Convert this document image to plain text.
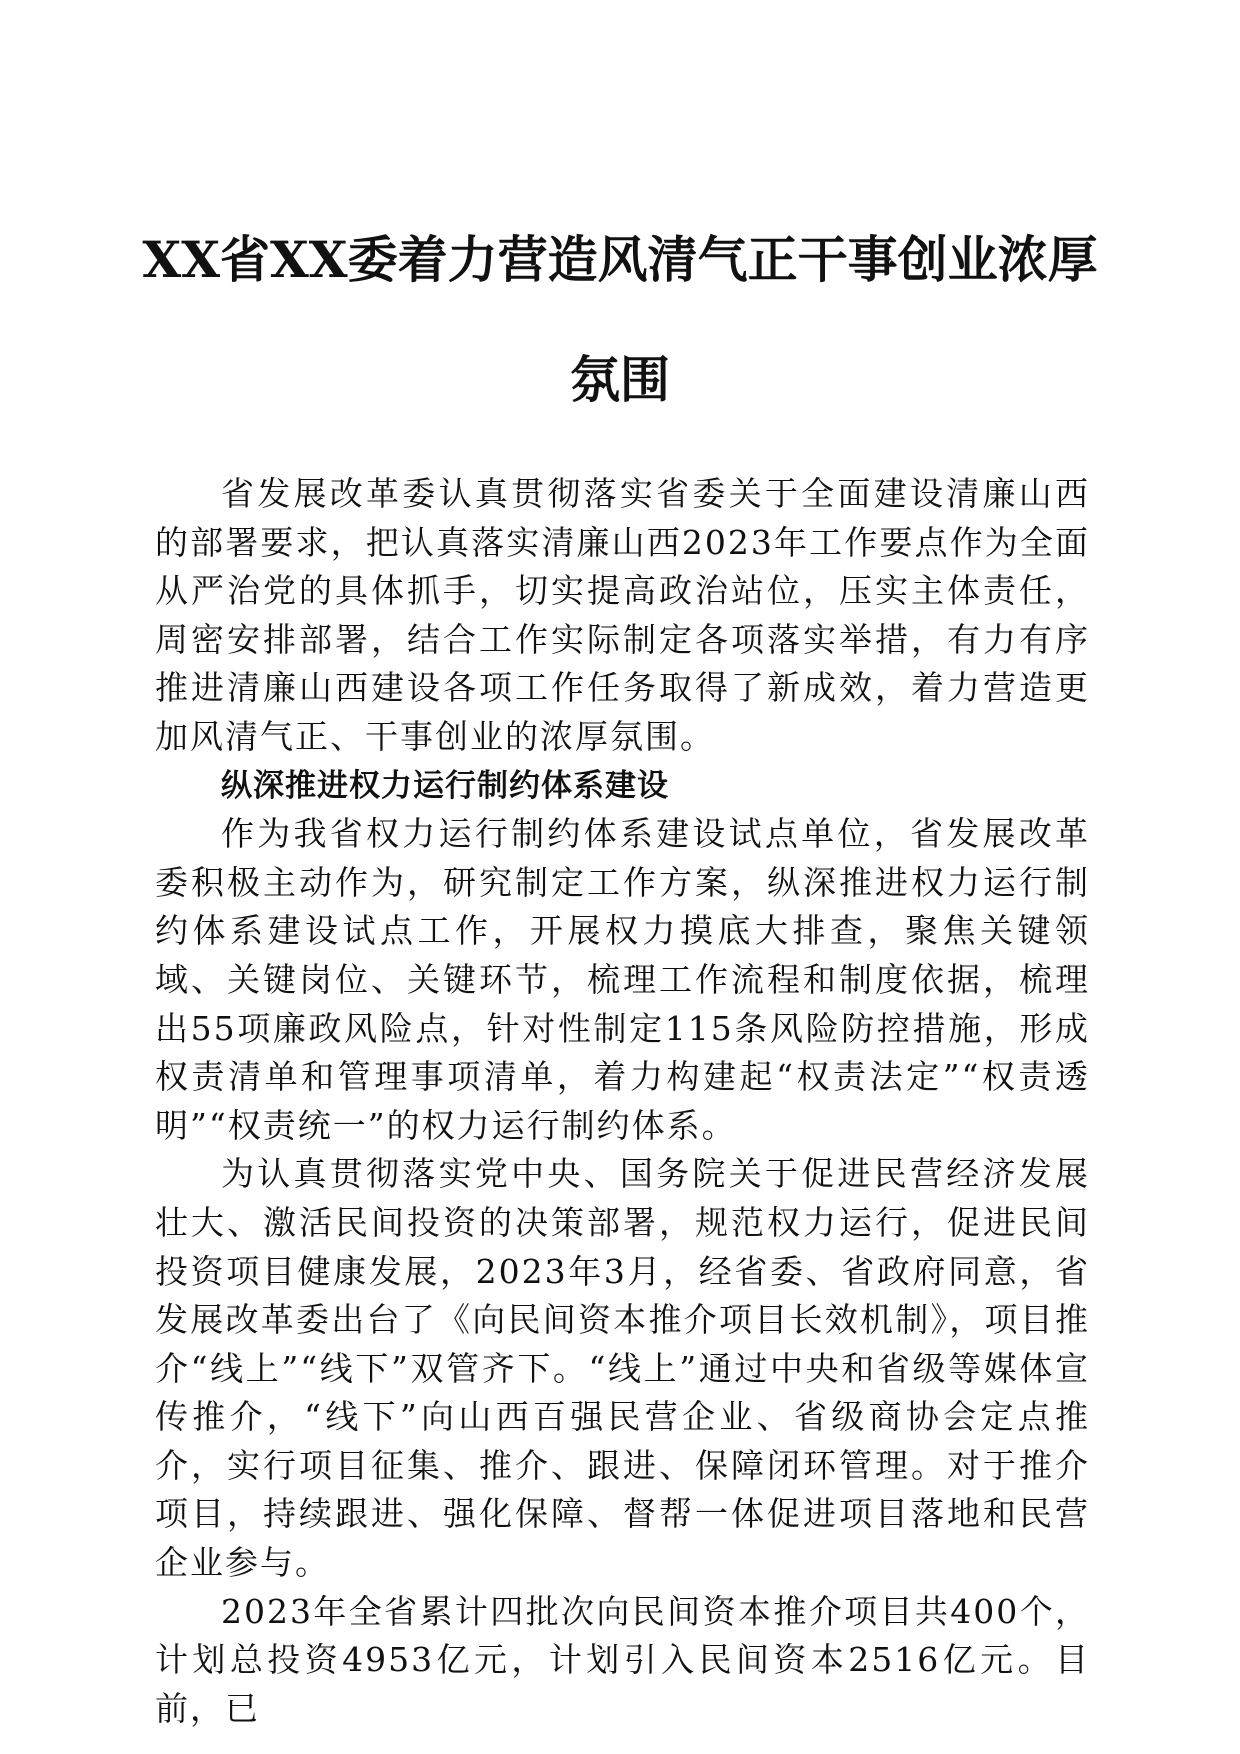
XX省XX委着力营造风清气正干事创业浓厚
氛围

省发展改革委认真贯彻落实省委关于全面建设清廉山西的部署要求，把认真落实清廉山西2023年工作要点作为全面从严治党的具体抓手，切实提高政治站位，压实主体责任，周密安排部署，结合工作实际制定各项落实举措，有力有序推进清廉山西建设各项工作任务取得了新成效，着力营造更加风清气正、干事创业的浓厚氛围。

纵深推进权力运行制约体系建设

作为我省权力运行制约体系建设试点单位，省发展改革委积极主动作为，研究制定工作方案，纵深推进权力运行制约体系建设试点工作，开展权力摸底大排查，聚焦关键领域、关键岗位、关键环节，梳理工作流程和制度依据，梳理出55项廉政风险点，针对性制定115条风险防控措施，形成权责清单和管理事项清单，着力构建起“权责法定”“权责透明”“权责统一”的权力运行制约体系。

为认真贯彻落实党中央、国务院关于促进民营经济发展壮大、激活民间投资的决策部署，规范权力运行，促进民间投资项目健康发展，2023年3月，经省委、省政府同意，省发展改革委出台了《向民间资本推介项目长效机制》，项目推介“线上”“线下”双管齐下。“线上”通过中央和省级等媒体宣传推介，“线下”向山西百强民营企业、省级商协会定点推介，实行项目征集、推介、跟进、保障闭环管理。对于推介项目，持续跟进、强化保障、督帮一体促进项目落地和民营企业参与。

2023年全省累计四批次向民间资本推介项目共400个，计划总投资4953亿元，计划引入民间资本2516亿元。目前，已
